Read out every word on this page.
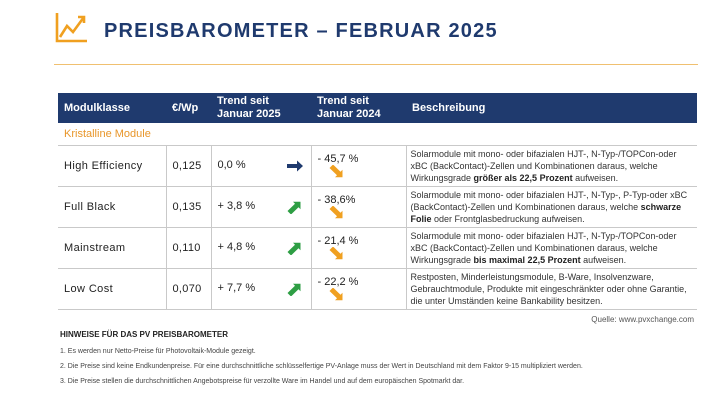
PREISBAROMETER – FEBRUAR 2025
Modulklasse	€/Wp	Trend seit Januar 2025	Trend seit Januar 2024	Beschreibung
Kristalline Module				
High Efficiency	0,125	0,0 %	- 45,7 %	Solarmodule mit mono- oder bifazialen HJT-, N-Typ-/TOPCon-oder xBC (BackContact)-Zellen und Kombinationen daraus, welche Wirkungsgrade größer als 22,5 Prozent aufweisen.
Full Black	0,135	+ 3,8 %	- 38,6%	Solarmodule mit mono- oder bifazialen HJT-, N-Typ-, P-Typ-oder xBC (BackContact)-Zellen und Kombinationen daraus, welche schwarze Folie oder Frontglasbedruckung aufweisen.
Mainstream	0,110	+ 4,8 %	- 21,4 %	Solarmodule mit mono- oder bifazialen HJT-, N-Typ-/TOPCon-oder xBC (BackContact)-Zellen und Kombinationen daraus, welche Wirkungsgrade bis maximal 22,5 Prozent aufweisen.
Low Cost	0,070	+ 7,7 %	- 22,2 %	Restposten, Minderleistungsmodule, B-Ware, Insolvenzware, Gebrauchtmodule, Produkte mit eingeschränkter oder ohne Garantie, die unter Umständen keine Bankability besitzen.
Quelle: www.pvxchange.com
HINWEISE FÜR DAS PV PREISBAROMETER
1. Es werden nur Netto-Preise für Photovoltaik-Module gezeigt.
2. Die Preise sind keine Endkundenpreise. Für eine durchschnittliche schlüsselfertige PV-Anlage muss der Wert in Deutschland mit dem Faktor 9-15 multipliziert werden.
3. Die Preise stellen die durchschnittlichen Angebotspreise für verzollte Ware im Handel und auf dem europäischen Spotmarkt dar.
